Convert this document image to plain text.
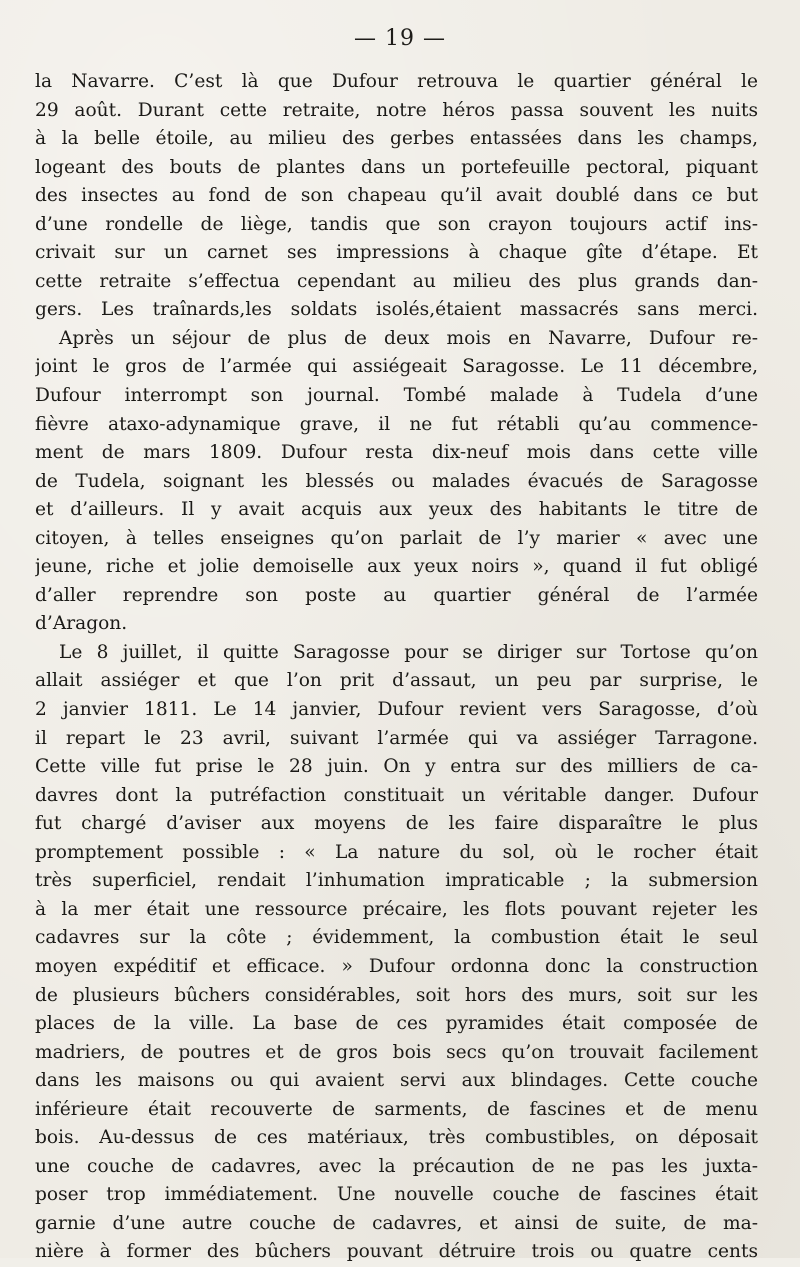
— 19 —
la Navarre. C’est là que Dufour retrouva le quartier général le
29 août. Durant cette retraite, notre héros passa souvent les nuits
à la belle étoile, au milieu des gerbes entassées dans les champs,
logeant des bouts de plantes dans un portefeuille pectoral, piquant
des insectes au fond de son chapeau qu’il avait doublé dans ce but
d’une rondelle de liège, tandis que son crayon toujours actif ins-
crivait sur un carnet ses impressions à chaque gîte d’étape. Et
cette retraite s’effectua cependant au milieu des plus grands dan-
gers. Les traînards,les soldats isolés,étaient massacrés sans merci.
Après un séjour de plus de deux mois en Navarre, Dufour re-
joint le gros de l’armée qui assiégeait Saragosse. Le 11 décembre,
Dufour interrompt son journal. Tombé malade à Tudela d’une
fièvre ataxo-adynamique grave, il ne fut rétabli qu’au commence-
ment de mars 1809. Dufour resta dix-neuf mois dans cette ville
de Tudela, soignant les blessés ou malades évacués de Saragosse
et d’ailleurs. Il y avait acquis aux yeux des habitants le titre de
citoyen, à telles enseignes qu’on parlait de l’y marier « avec une
jeune, riche et jolie demoiselle aux yeux noirs », quand il fut obligé
d’aller reprendre son poste au quartier général de l’armée
d’Aragon.
Le 8 juillet, il quitte Saragosse pour se diriger sur Tortose qu’on
allait assiéger et que l’on prit d’assaut, un peu par surprise, le
2 janvier 1811. Le 14 janvier, Dufour revient vers Saragosse, d’où
il repart le 23 avril, suivant l’armée qui va assiéger Tarragone.
Cette ville fut prise le 28 juin. On y entra sur des milliers de ca-
davres dont la putréfaction constituait un véritable danger. Dufour
fut chargé d’aviser aux moyens de les faire disparaître le plus
promptement possible : « La nature du sol, où le rocher était
très superficiel, rendait l’inhumation impraticable ; la submersion
à la mer était une ressource précaire, les flots pouvant rejeter les
cadavres sur la côte ; évidemment, la combustion était le seul
moyen expéditif et efficace. » Dufour ordonna donc la construction
de plusieurs bûchers considérables, soit hors des murs, soit sur les
places de la ville. La base de ces pyramides était composée de
madriers, de poutres et de gros bois secs qu’on trouvait facilement
dans les maisons ou qui avaient servi aux blindages. Cette couche
inférieure était recouverte de sarments, de fascines et de menu
bois. Au-dessus de ces matériaux, très combustibles, on déposait
une couche de cadavres, avec la précaution de ne pas les juxta-
poser trop immédiatement. Une nouvelle couche de fascines était
garnie d’une autre couche de cadavres, et ainsi de suite, de ma-
nière à former des bûchers pouvant détruire trois ou quatre cents
